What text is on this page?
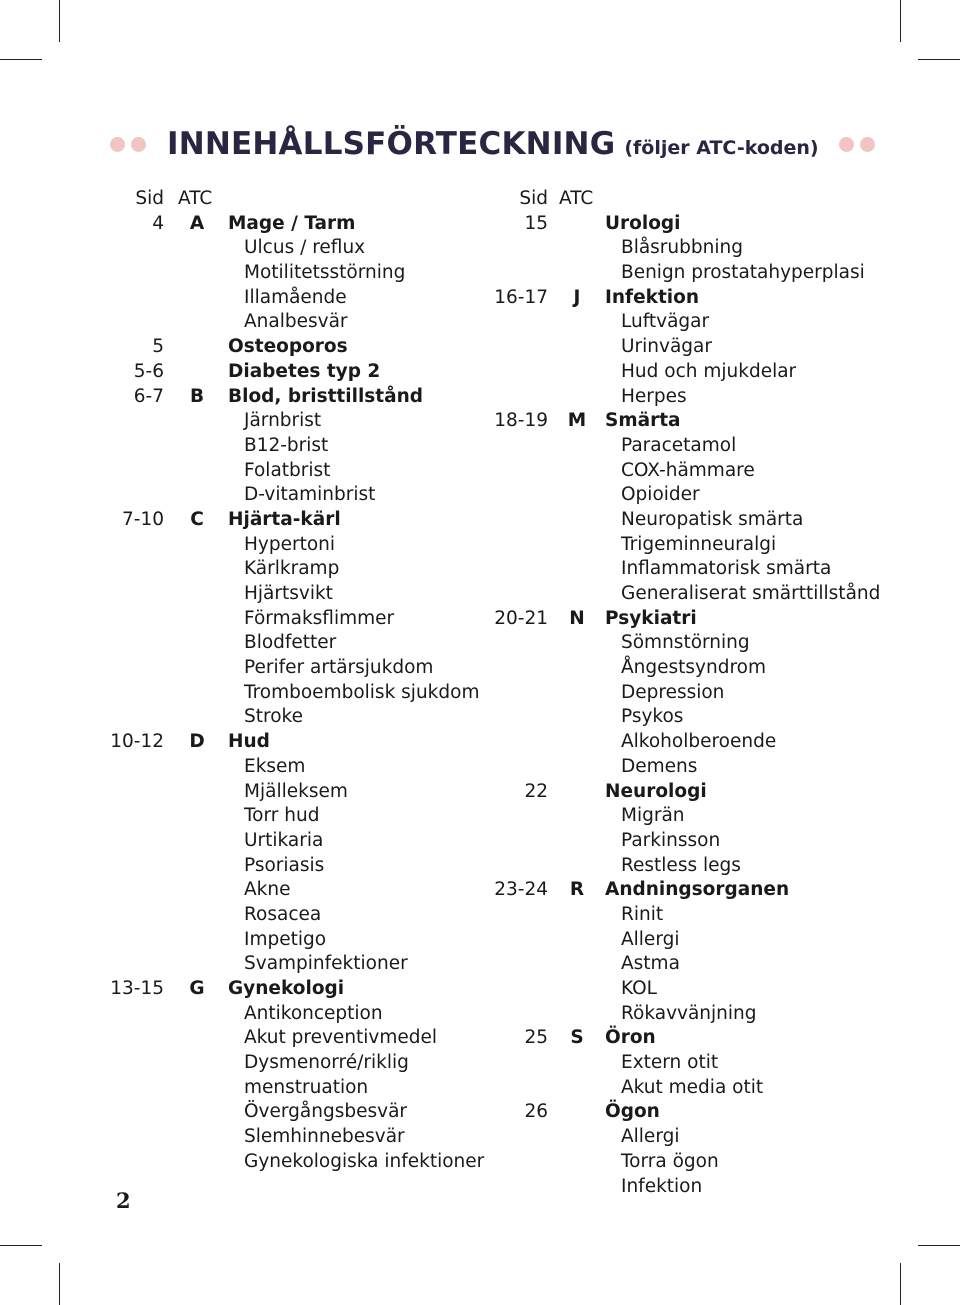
INNEHÅLLSFÖRTECKNING (följer ATC-koden)
Sid ATC
4	A	Mage / Tarm
Ulcus / reflux
Motilitetsstörning
Illamående
Analbesvär
5	Osteoporos
5-6	Diabetes typ 2
6-7	B	Blod, bristtillstånd
Järnbrist
B12-brist
Folatbrist
D-vitaminbrist
7-10	C	Hjärta-kärl
Hypertoni
Kärlkramp
Hjärtsvikt
Förmaksflimmer
Blodfetter
Perifer artärsjukdom
Tromboembolisk sjukdom
Stroke
10-12	D	Hud
Eksem
Mjälleksem
Torr hud
Urtikaria
Psoriasis
Akne
Rosacea
Impetigo
Svampinfektioner
13-15	G	Gynekologi
Antikonception
Akut preventivmedel
Dysmenorré/riklig
menstruation
Övergångsbesvär
Slemhinnebesvär
Gynekologiska infektioner
Sid ATC
15	Urologi
Blåsrubbning
Benign prostatahyperplasi
16-17	J	Infektion
Luftvägar
Urinvägar
Hud och mjukdelar
Herpes
18-19	M	Smärta
Paracetamol
COX-hämmare
Opioider
Neuropatisk smärta
Trigeminneuralgi
Inflammatorisk smärta
Generaliserat smärttillstånd
20-21	N	Psykiatri
Sömnstörning
Ångestsyndrom
Depression
Psykos
Alkoholberoende
Demens
22	Neurologi
Migrän
Parkinsson
Restless legs
23-24	R	Andningsorganen
Rinit
Allergi
Astma
KOL
Rökavvänjning
25	S	Öron
Extern otit
Akut media otit
26	Ögon
Allergi
Torra ögon
Infektion
2
